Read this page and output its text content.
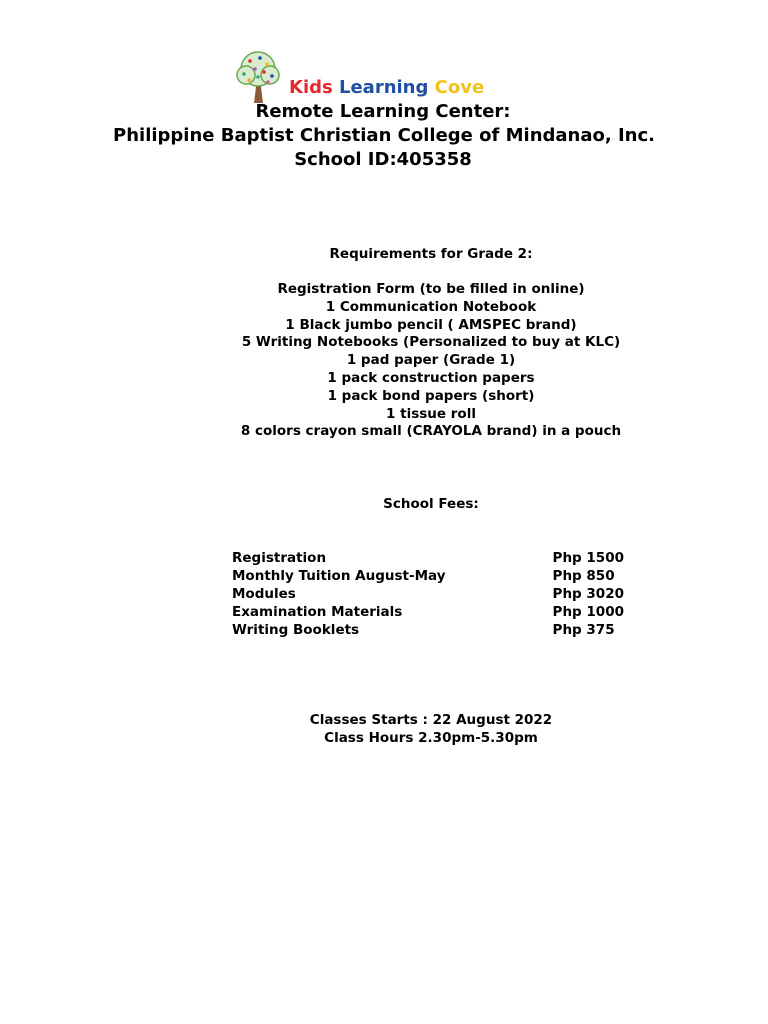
Kids Learning Cove
Remote Learning Center:
Philippine Baptist Christian College of Mindanao, Inc.
School ID:405358
Requirements for Grade 2:
Registration Form (to be filled in online)
1 Communication Notebook
1 Black jumbo pencil ( AMSPEC brand)
5 Writing Notebooks (Personalized to buy at KLC)
1 pad paper (Grade 1)
1 pack construction papers
1 pack bond papers (short)
1 tissue roll
8 colors crayon small (CRAYOLA brand) in a pouch
School Fees:
Registration	Php 1500
Monthly Tuition August-May	Php 850
Modules	Php 3020
Examination Materials	Php 1000
Writing Booklets	Php 375
Classes Starts : 22 August 2022
Class Hours 2.30pm-5.30pm
